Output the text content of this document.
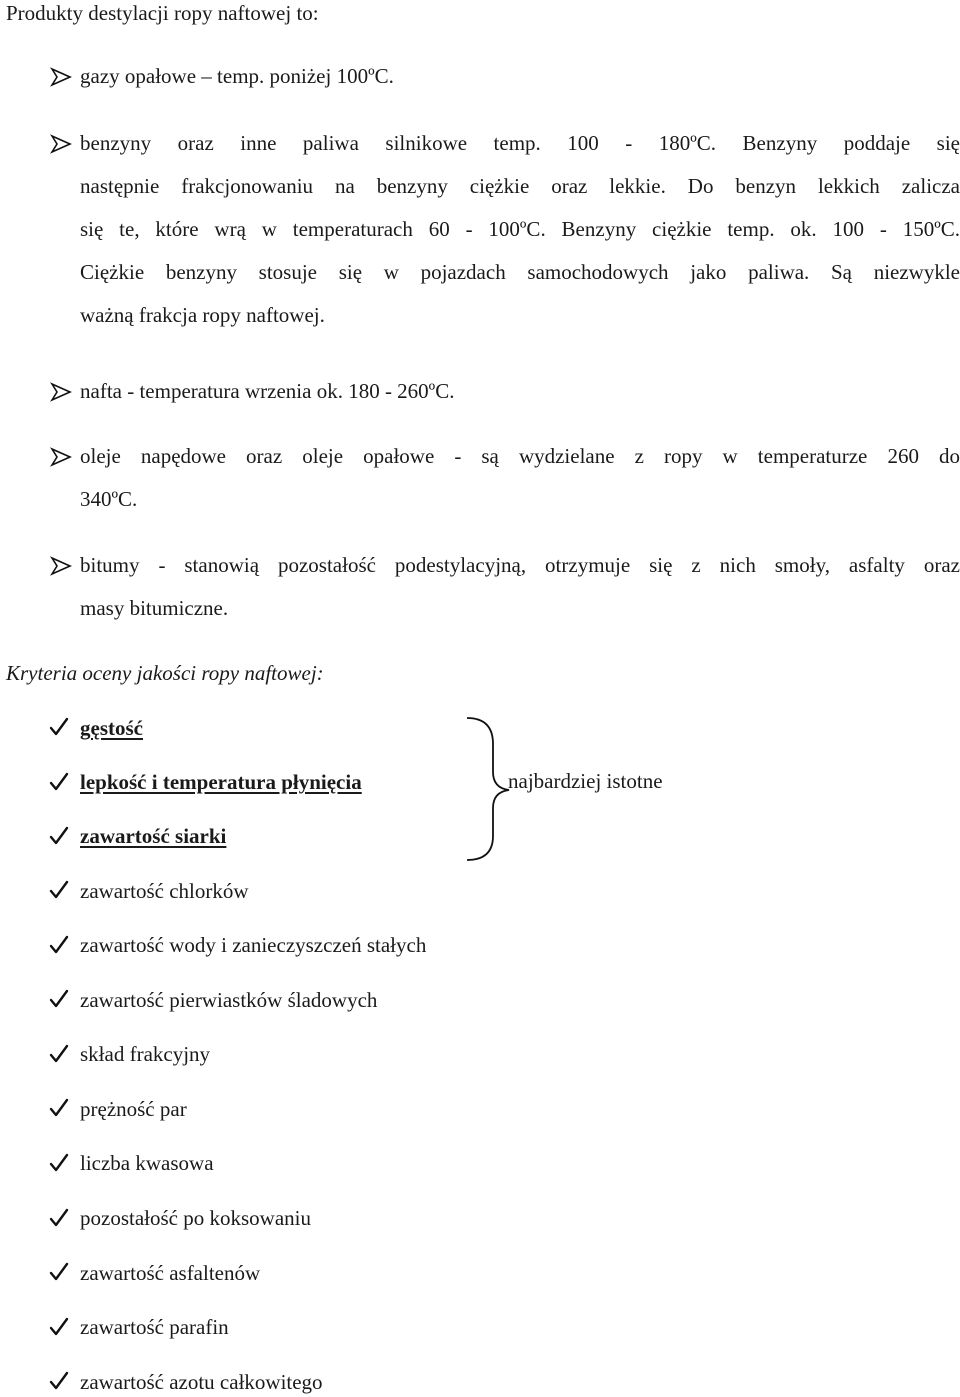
Produkty destylacji ropy naftowej to:
gazy opałowe – temp. poniżej 100ºC.
benzyny oraz inne paliwa silnikowe temp. 100 - 180ºC. Benzyny poddaje się
następnie frakcjonowaniu na benzyny ciężkie oraz lekkie. Do benzyn lekkich zalicza
się te, które wrą w temperaturach 60 - 100ºC. Benzyny ciężkie temp. ok. 100 - 150ºC.
Ciężkie benzyny stosuje się w pojazdach samochodowych jako paliwa. Są niezwykle
ważną frakcja ropy naftowej.
nafta - temperatura wrzenia ok. 180 - 260ºC.
oleje napędowe oraz oleje opałowe - są wydzielane z ropy w temperaturze 260 do
340ºC.
bitumy - stanowią pozostałość podestylacyjną, otrzymuje się z nich smoły, asfalty oraz
masy bitumiczne.
Kryteria oceny jakości ropy naftowej:
gęstość
lepkość i temperatura płynięcia
zawartość siarki
zawartość chlorków
zawartość wody i zanieczyszczeń stałych
zawartość pierwiastków śladowych
skład frakcyjny
prężność par
liczba kwasowa
pozostałość po koksowaniu
zawartość asfaltenów
zawartość parafin
zawartość azotu całkowitego
najbardziej istotne
